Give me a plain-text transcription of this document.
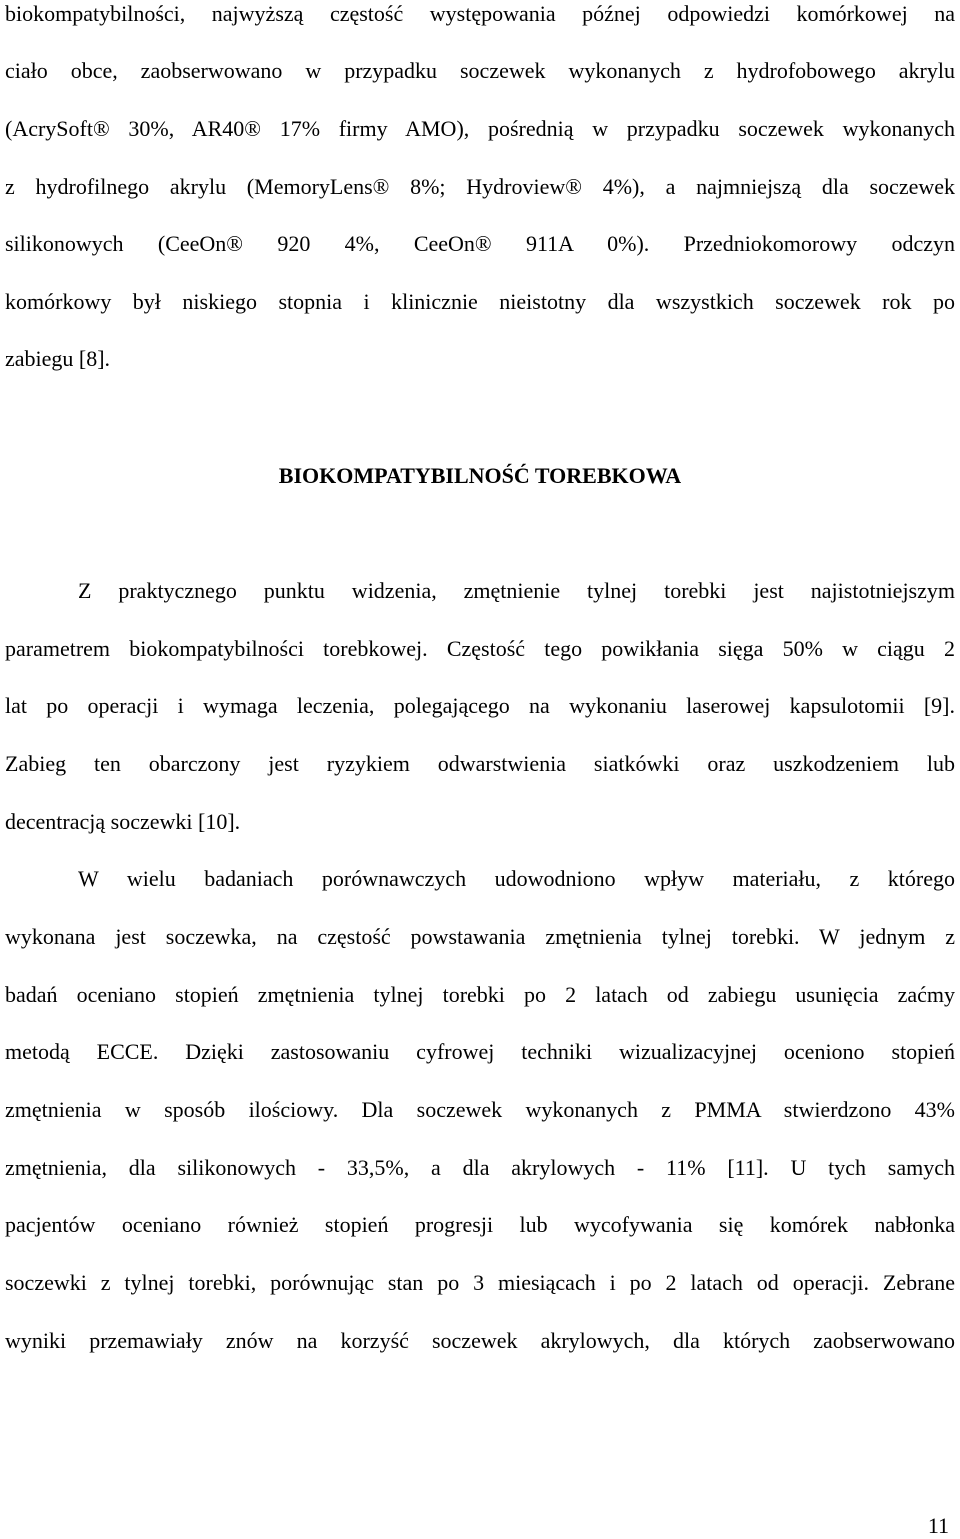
biokompatybilności, najwyższą częstość występowania późnej odpowiedzi komórkowej na
ciało obce, zaobserwowano w przypadku soczewek wykonanych z hydrofobowego akrylu
(AcrySoft® 30%, AR40® 17% firmy AMO), pośrednią w przypadku soczewek wykonanych
z hydrofilnego akrylu (MemoryLens® 8%; Hydroview® 4%), a najmniejszą dla soczewek
silikonowych (CeeOn® 920 4%, CeeOn® 911A 0%). Przedniokomorowy odczyn
komórkowy był niskiego stopnia i klinicznie nieistotny dla wszystkich soczewek rok po
zabiegu [8].
BIOKOMPATYBILNOŚĆ TOREBKOWA
Z praktycznego punktu widzenia, zmętnienie tylnej torebki jest najistotniejszym
parametrem biokompatybilności torebkowej. Częstość tego powikłania sięga 50% w ciągu 2
lat po operacji i wymaga leczenia, polegającego na wykonaniu laserowej kapsulotomii [9].
Zabieg ten obarczony jest ryzykiem odwarstwienia siatkówki oraz uszkodzeniem lub
decentracją soczewki [10].
W wielu badaniach porównawczych udowodniono wpływ materiału, z którego
wykonana jest soczewka, na częstość powstawania zmętnienia tylnej torebki. W jednym z
badań oceniano stopień zmętnienia tylnej torebki po 2 latach od zabiegu usunięcia zaćmy
metodą ECCE. Dzięki zastosowaniu cyfrowej techniki wizualizacyjnej oceniono stopień
zmętnienia w sposób ilościowy. Dla soczewek wykonanych z PMMA stwierdzono 43%
zmętnienia, dla silikonowych - 33,5%, a dla akrylowych - 11% [11]. U tych samych
pacjentów oceniano również stopień progresji lub wycofywania się komórek nabłonka
soczewki z tylnej torebki, porównując stan po 3 miesiącach i po 2 latach od operacji. Zebrane
wyniki przemawiały znów na korzyść soczewek akrylowych, dla których zaobserwowano
11
